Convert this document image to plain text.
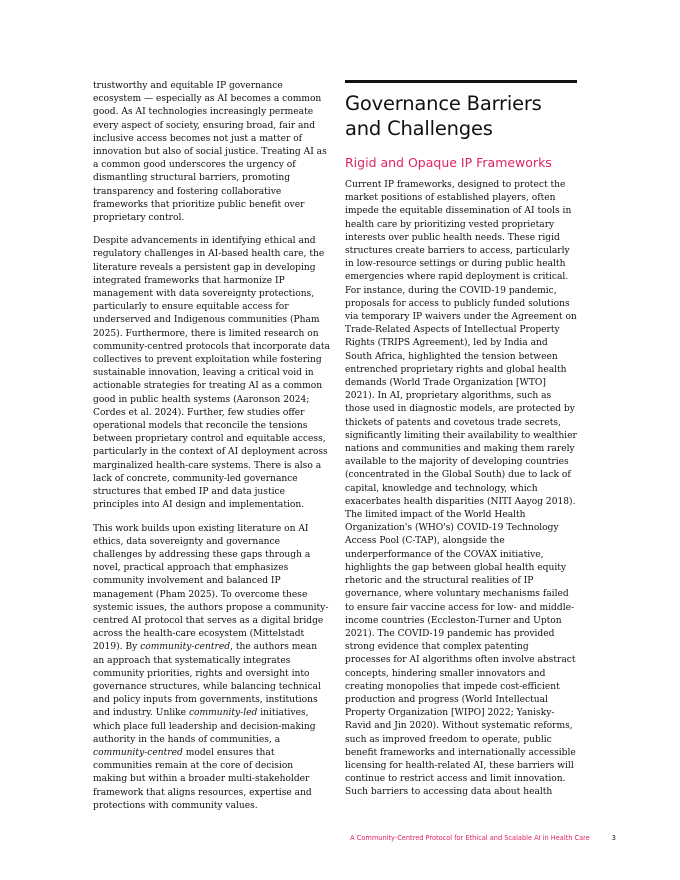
trustworthy and equitable IP governance ecosystem — especially as AI becomes a common good. As AI technologies increasingly permeate every aspect of society, ensuring broad, fair and inclusive access becomes not just a matter of innovation but also of social justice. Treating AI as a common good underscores the urgency of dismantling structural barriers, promoting transparency and fostering collaborative frameworks that prioritize public benefit over proprietary control.

Despite advancements in identifying ethical and regulatory challenges in AI-based health care, the literature reveals a persistent gap in developing integrated frameworks that harmonize IP management with data sovereignty protections, particularly to ensure equitable access for underserved and Indigenous communities (Pham 2025). Furthermore, there is limited research on community-centred protocols that incorporate data collectives to prevent exploitation while fostering sustainable innovation, leaving a critical void in actionable strategies for treating AI as a common good in public health systems (Aaronson 2024; Cordes et al. 2024). Further, few studies offer operational models that reconcile the tensions between proprietary control and equitable access, particularly in the context of AI deployment across marginalized health-care systems. There is also a lack of concrete, community-led governance structures that embed IP and data justice principles into AI design and implementation.

This work builds upon existing literature on AI ethics, data sovereignty and governance challenges by addressing these gaps through a novel, practical approach that emphasizes community involvement and balanced IP management (Pham 2025). To overcome these systemic issues, the authors propose a community-centred AI protocol that serves as a digital bridge across the health-care ecosystem (Mittelstadt 2019). By community-centred, the authors mean an approach that systematically integrates community priorities, rights and oversight into governance structures, while balancing technical and policy inputs from governments, institutions and industry. Unlike community-led initiatives, which place full leadership and decision-making authority in the hands of communities, a community-centred model ensures that communities remain at the core of decision making but within a broader multi-stakeholder framework that aligns resources, expertise and protections with community values.

Governance Barriers and Challenges
Rigid and Opaque IP Frameworks

Current IP frameworks, designed to protect the market positions of established players, often impede the equitable dissemination of AI tools in health care by prioritizing vested proprietary interests over public health needs. These rigid structures create barriers to access, particularly in low-resource settings or during public health emergencies where rapid deployment is critical. For instance, during the COVID-19 pandemic, proposals for access to publicly funded solutions via temporary IP waivers under the Agreement on Trade-Related Aspects of Intellectual Property Rights (TRIPS Agreement), led by India and South Africa, highlighted the tension between entrenched proprietary rights and global health demands (World Trade Organization [WTO] 2021). In AI, proprietary algorithms, such as those used in diagnostic models, are protected by thickets of patents and covetous trade secrets, significantly limiting their availability to wealthier nations and communities and making them rarely available to the majority of developing countries (concentrated in the Global South) due to lack of capital, knowledge and technology, which exacerbates health disparities (NITI Aayog 2018). The limited impact of the World Health Organization's (WHO's) COVID-19 Technology Access Pool (C-TAP), alongside the underperformance of the COVAX initiative, highlights the gap between global health equity rhetoric and the structural realities of IP governance, where voluntary mechanisms failed to ensure fair vaccine access for low- and middle-income countries (Eccleston-Turner and Upton 2021). The COVID-19 pandemic has provided strong evidence that complex patenting processes for AI algorithms often involve abstract concepts, hindering smaller innovators and creating monopolies that impede cost-efficient production and progress (World Intellectual Property Organization [WIPO] 2022; Yanisky-Ravid and Jin 2020). Without systematic reforms, such as improved freedom to operate, public benefit frameworks and internationally accessible licensing for health-related AI, these barriers will continue to restrict access and limit innovation. Such barriers to accessing data about health

A Community-Centred Protocol for Ethical and Scalable AI in Health Care	3
